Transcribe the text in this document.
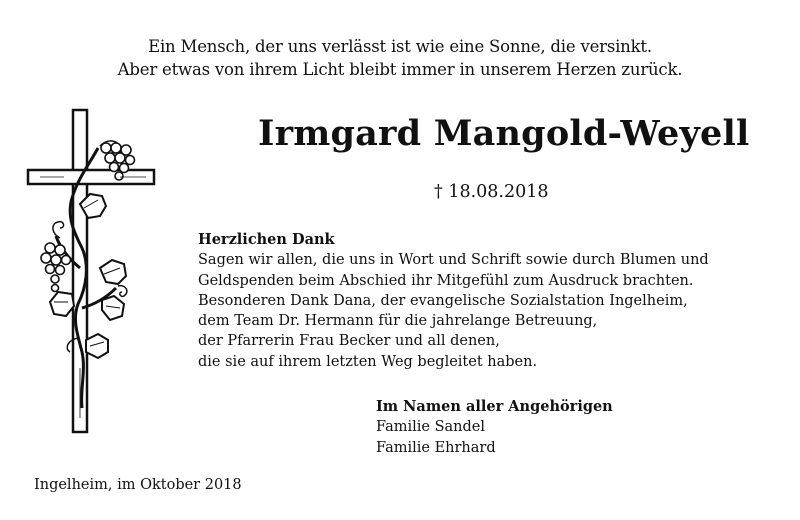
Ein Mensch, der uns verlässt ist wie eine Sonne, die versinkt.
Aber etwas von ihrem Licht bleibt immer in unserem Herzen zurück.
Irmgard Mangold-Weyell
† 18.08.2018
Herzlichen Dank
Sagen wir allen, die uns in Wort und Schrift sowie durch Blumen und
Geldspenden beim Abschied ihr Mitgefühl zum Ausdruck brachten.
Besonderen Dank Dana, der evangelische Sozialstation Ingelheim,
dem Team Dr. Hermann für die jahrelange Betreuung,
der Pfarrerin Frau Becker und all denen,
die sie auf ihrem letzten Weg begleitet haben.
Im Namen aller Angehörigen
Familie Sandel
Familie Ehrhard
Ingelheim, im Oktober 2018
